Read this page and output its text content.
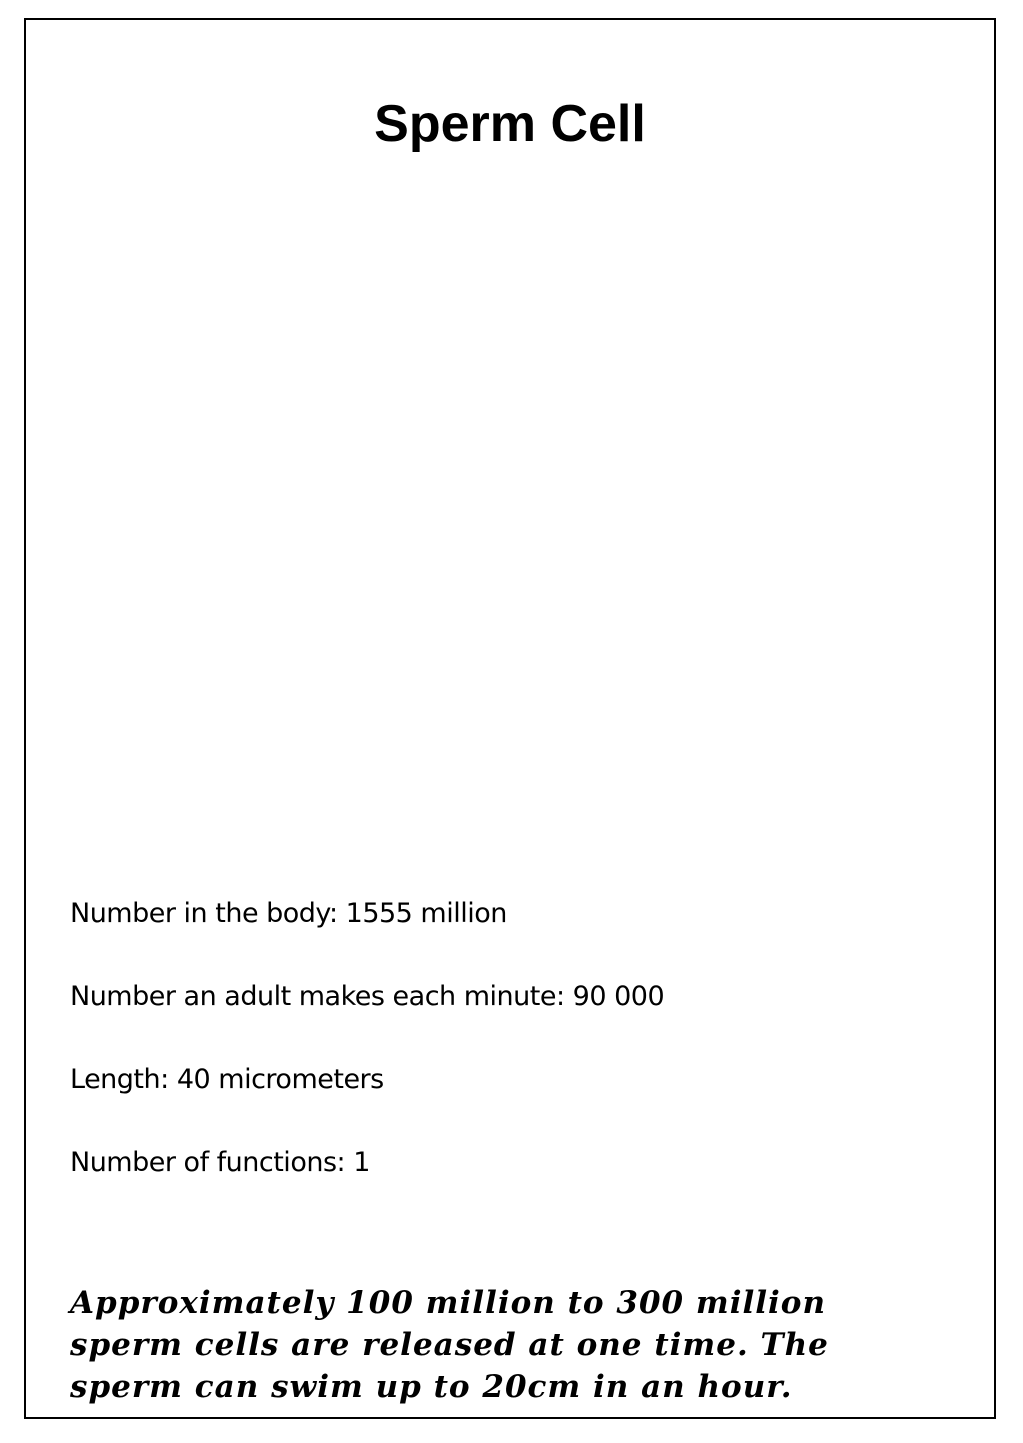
Sperm Cell
Number in the body: 1555 million
Number an adult makes each minute: 90 000
Length: 40 micrometers
Number of functions: 1

Approximately 100 million to 300 million sperm cells are released at one time. The sperm can swim up to 20cm in an hour.
